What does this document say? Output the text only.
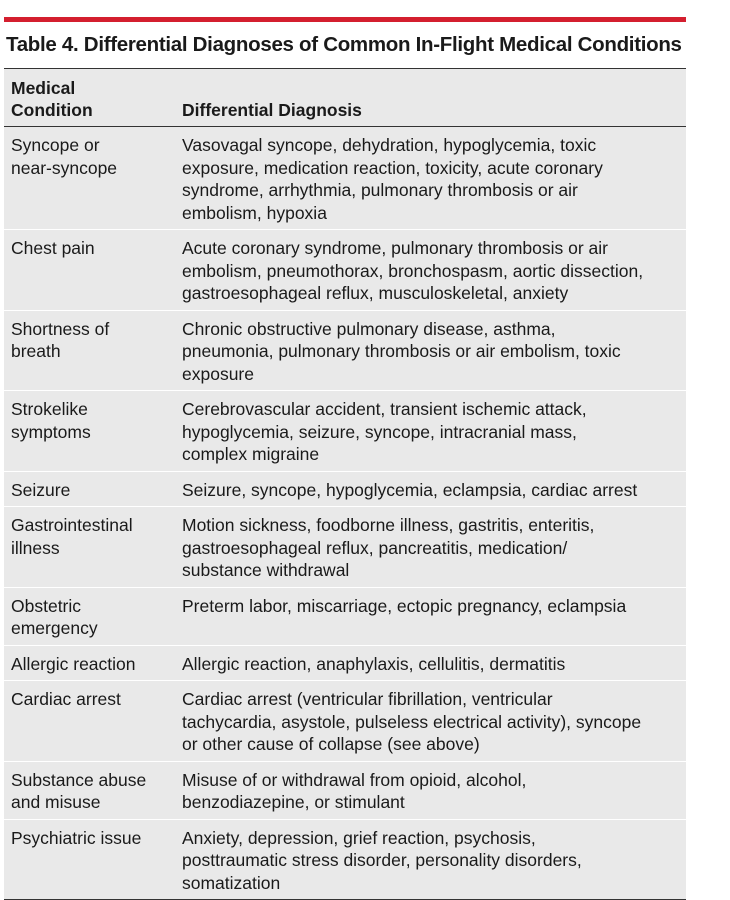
Table 4. Differential Diagnoses of Common In-Flight Medical Conditions
Medical
Condition	Differential Diagnosis
Syncope or
near-syncope	Vasovagal syncope, dehydration, hypoglycemia, toxic
exposure, medication reaction, toxicity, acute coronary
syndrome, arrhythmia, pulmonary thrombosis or air
embolism, hypoxia
Chest pain	Acute coronary syndrome, pulmonary thrombosis or air
embolism, pneumothorax, bronchospasm, aortic dissection,
gastroesophageal reflux, musculoskeletal, anxiety
Shortness of
breath	Chronic obstructive pulmonary disease, asthma,
pneumonia, pulmonary thrombosis or air embolism, toxic
exposure
Strokelike
symptoms	Cerebrovascular accident, transient ischemic attack,
hypoglycemia, seizure, syncope, intracranial mass,
complex migraine
Seizure	Seizure, syncope, hypoglycemia, eclampsia, cardiac arrest
Gastrointestinal
illness	Motion sickness, foodborne illness, gastritis, enteritis,
gastroesophageal reflux, pancreatitis, medication/
substance withdrawal
Obstetric
emergency	Preterm labor, miscarriage, ectopic pregnancy, eclampsia
Allergic reaction	Allergic reaction, anaphylaxis, cellulitis, dermatitis
Cardiac arrest	Cardiac arrest (ventricular fibrillation, ventricular
tachycardia, asystole, pulseless electrical activity), syncope
or other cause of collapse (see above)
Substance abuse
and misuse	Misuse of or withdrawal from opioid, alcohol,
benzodiazepine, or stimulant
Psychiatric issue	Anxiety, depression, grief reaction, psychosis,
posttraumatic stress disorder, personality disorders,
somatization
